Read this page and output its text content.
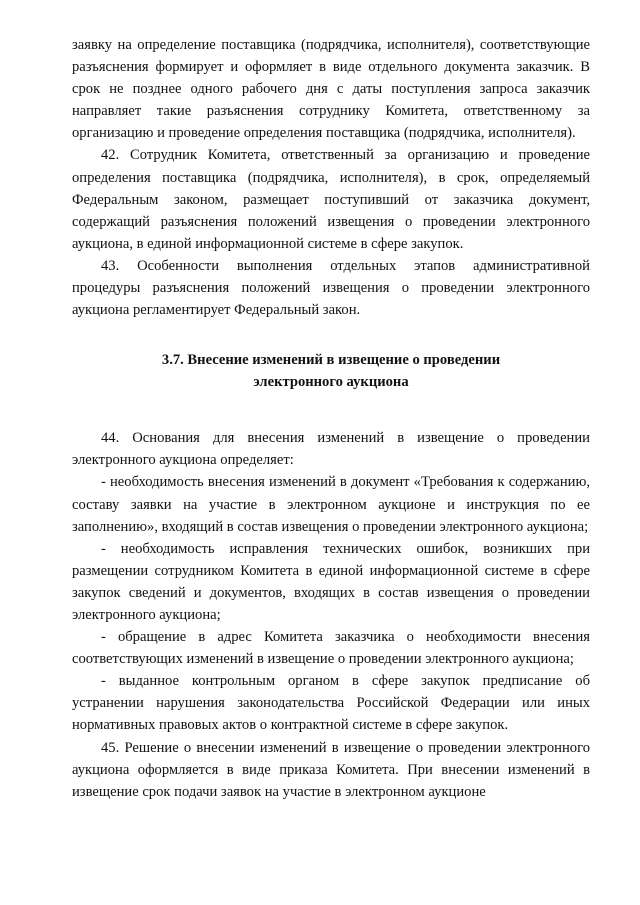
заявку на определение поставщика (подрядчика, исполнителя), соответствующие разъяснения формирует и оформляет в виде отдельного документа заказчик. В срок не позднее одного рабочего дня с даты поступления запроса заказчик направляет такие разъяснения сотруднику Комитета, ответственному за организацию и проведение определения поставщика (подрядчика, исполнителя).

42. Сотрудник Комитета, ответственный за организацию и проведение определения поставщика (подрядчика, исполнителя), в срок, определяемый Федеральным законом, размещает поступивший от заказчика документ, содержащий разъяснения положений извещения о проведении электронного аукциона, в единой информационной системе в сфере закупок.

43. Особенности выполнения отдельных этапов административной процедуры разъяснения положений извещения о проведении электронного аукциона регламентирует Федеральный закон.

3.7. Внесение изменений в извещение о проведении
электронного аукциона

44. Основания для внесения изменений в извещение о проведении электронного аукциона определяет:

- необходимость внесения изменений в документ «Требования к содержанию, составу заявки на участие в электронном аукционе и инструкция по ее заполнению», входящий в состав извещения о проведении электронного аукциона;

- необходимость исправления технических ошибок, возникших при размещении сотрудником Комитета в единой информационной системе в сфере закупок сведений и документов, входящих в состав извещения о проведении электронного аукциона;

- обращение в адрес Комитета заказчика о необходимости внесения соответствующих изменений в извещение о проведении электронного аукциона;

- выданное контрольным органом в сфере закупок предписание об устранении нарушения законодательства Российской Федерации или иных нормативных правовых актов о контрактной системе в сфере закупок.

45. Решение о внесении изменений в извещение о проведении электронного аукциона оформляется в виде приказа Комитета. При внесении изменений в извещение срок подачи заявок на участие в электронном аукционе
